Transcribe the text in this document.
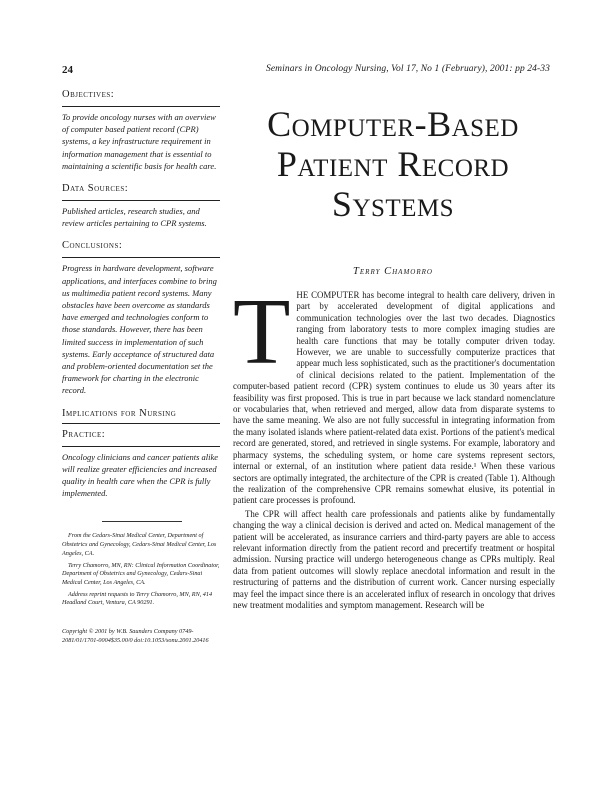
24	Seminars in Oncology Nursing, Vol 17, No 1 (February), 2001: pp 24-33
Objectives:

To provide oncology nurses with an overview of computer based patient record (CPR) systems, a key infrastructure requirement in information management that is essential to maintaining a scientific basis for health care.

Data Sources:

Published articles, research studies, and review articles pertaining to CPR systems.

Conclusions:

Progress in hardware development, software applications, and interfaces combine to bring us multimedia patient record systems. Many obstacles have been overcome as standards have emerged and technologies conform to those standards. However, there has been limited success in implementation of such systems. Early acceptance of structured data and problem-oriented documentation set the framework for charting in the electronic record.

Implications for Nursing
Practice:

Oncology clinicians and cancer patients alike will realize greater efficiencies and increased quality in health care when the CPR is fully implemented.

From the Cedars-Sinai Medical Center, Department of Obstetrics and Gynecology, Cedars-Sinai Medical Center, Los Angeles, CA.

Terry Chamorro, MN, RN: Clinical Information Coordinator, Department of Obstetrics and Gynecology, Cedars-Sinai Medical Center, Los Angeles, CA.

Address reprint requests to Terry Chamorro, MN, RN, 414 Headland Court, Ventura, CA 90291.

Copyright © 2001 by W.B. Saunders Company 0749-2081/01/1701-0004$35.00/0 doi:10.1053/sonu.2001.20416

Computer-Based
Patient Record
Systems
Terry Chamorro
T HE COMPUTER has become integral to health care delivery, driven in part by accelerated development of digital applications and communication technologies over the last two decades. Diagnostics ranging from laboratory tests to more complex imaging studies are health care functions that may be totally computer driven today. However, we are unable to successfully computerize practices that appear much less sophisticated, such as the practitioner's documentation of clinical decisions related to the patient. Implementation of the computer-based patient record (CPR) system continues to elude us 30 years after its feasibility was first proposed. This is true in part because we lack standard nomenclature or vocabularies that, when retrieved and merged, allow data from disparate systems to have the same meaning. We also are not fully successful in integrating information from the many isolated islands where patient-related data exist. Portions of the patient's medical record are generated, stored, and retrieved in single systems. For example, laboratory and pharmacy systems, the scheduling system, or home care systems represent sectors, internal or external, of an institution where patient data reside.¹ When these various sectors are optimally integrated, the architecture of the CPR is created (Table 1). Although the realization of the comprehensive CPR remains somewhat elusive, its potential in patient care processes is profound.

The CPR will affect health care professionals and patients alike by fundamentally changing the way a clinical decision is derived and acted on. Medical management of the patient will be accelerated, as insurance carriers and third-party payers are able to access relevant information directly from the patient record and precertify treatment or hospital admission. Nursing practice will undergo heterogeneous change as CPRs multiply. Real data from patient outcomes will slowly replace anecdotal information and result in the restructuring of patterns and the distribution of current work. Cancer nursing especially may feel the impact since there is an accelerated influx of research in oncology that drives new treatment modalities and symptom management. Research will be
